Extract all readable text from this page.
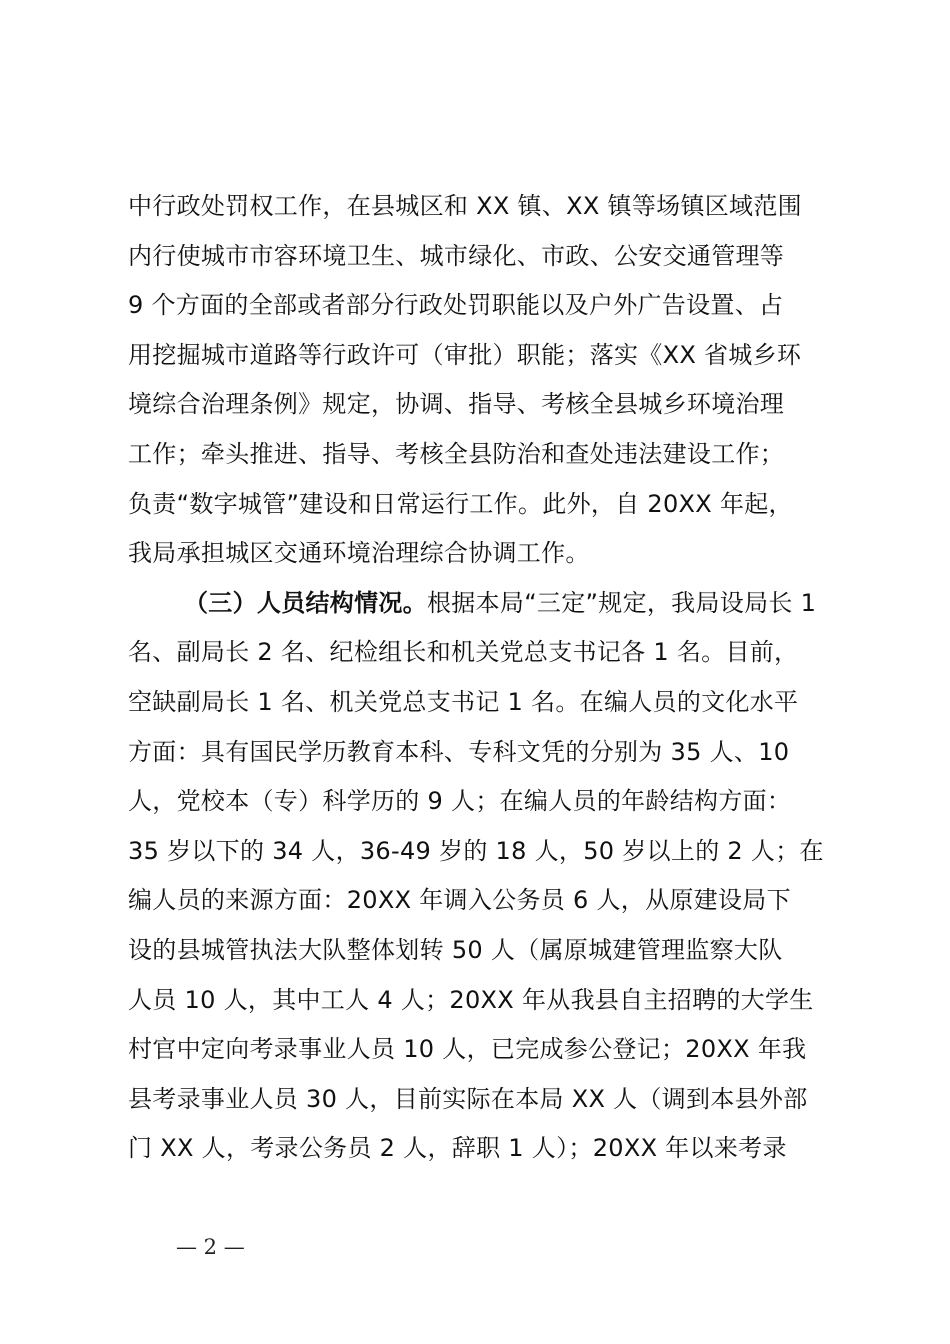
中行政处罚权工作，在县城区和 XX 镇、XX 镇等场镇区域范围
内行使城市市容环境卫生、城市绿化、市政、公安交通管理等
9 个方面的全部或者部分行政处罚职能以及户外广告设置、占
用挖掘城市道路等行政许可（审批）职能；落实《XX 省城乡环
境综合治理条例》规定，协调、指导、考核全县城乡环境治理
工作；牵头推进、指导、考核全县防治和查处违法建设工作；
负责“数字城管”建设和日常运行工作。此外，自 20XX 年起，
我局承担城区交通环境治理综合协调工作。
（三）人员结构情况。根据本局“三定”规定，我局设局长 1
名、副局长 2 名、纪检组长和机关党总支书记各 1 名。目前，
空缺副局长 1 名、机关党总支书记 1 名。在编人员的文化水平
方面：具有国民学历教育本科、专科文凭的分别为 35 人、10
人，党校本（专）科学历的 9 人；在编人员的年龄结构方面：
35 岁以下的 34 人，36-49 岁的 18 人，50 岁以上的 2 人；在
编人员的来源方面：20XX 年调入公务员 6 人，从原建设局下
设的县城管执法大队整体划转 50 人（属原城建管理监察大队
人员 10 人，其中工人 4 人；20XX 年从我县自主招聘的大学生
村官中定向考录事业人员 10 人，已完成参公登记；20XX 年我
县考录事业人员 30 人，目前实际在本局 XX 人（调到本县外部
门 XX 人，考录公务员 2 人，辞职 1 人）；20XX 年以来考录
— 2 —
